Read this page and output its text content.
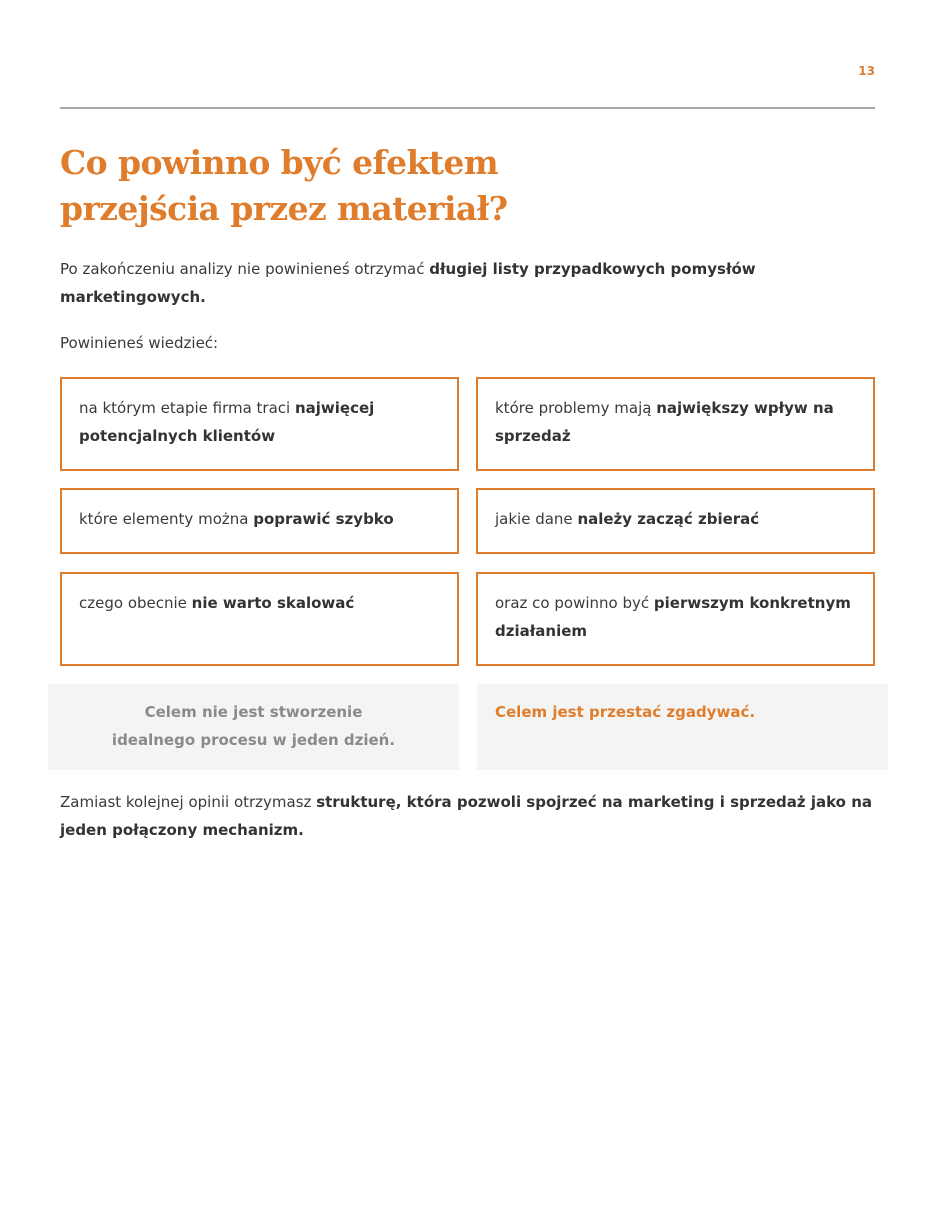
13
Co powinno być efektem
przejścia przez materiał?

Po zakończeniu analizy nie powinieneś otrzymać długiej listy przypadkowych pomysłów marketingowych.

Powinieneś wiedzieć:

na którym etapie firma traci najwięcej potencjalnych klientów
które problemy mają największy wpływ na sprzedaż
które elementy można poprawić szybko	jakie dane należy zacząć zbierać
czego obecnie nie warto skalować	oraz co powinno być pierwszym konkretnym działaniem
Celem nie jest stworzenie
idealnego procesu w jeden dzień.
Celem jest przestać zgadywać.

Zamiast kolejnej opinii otrzymasz strukturę, która pozwoli spojrzeć na marketing i sprzedaż jako na jeden połączony mechanizm.
